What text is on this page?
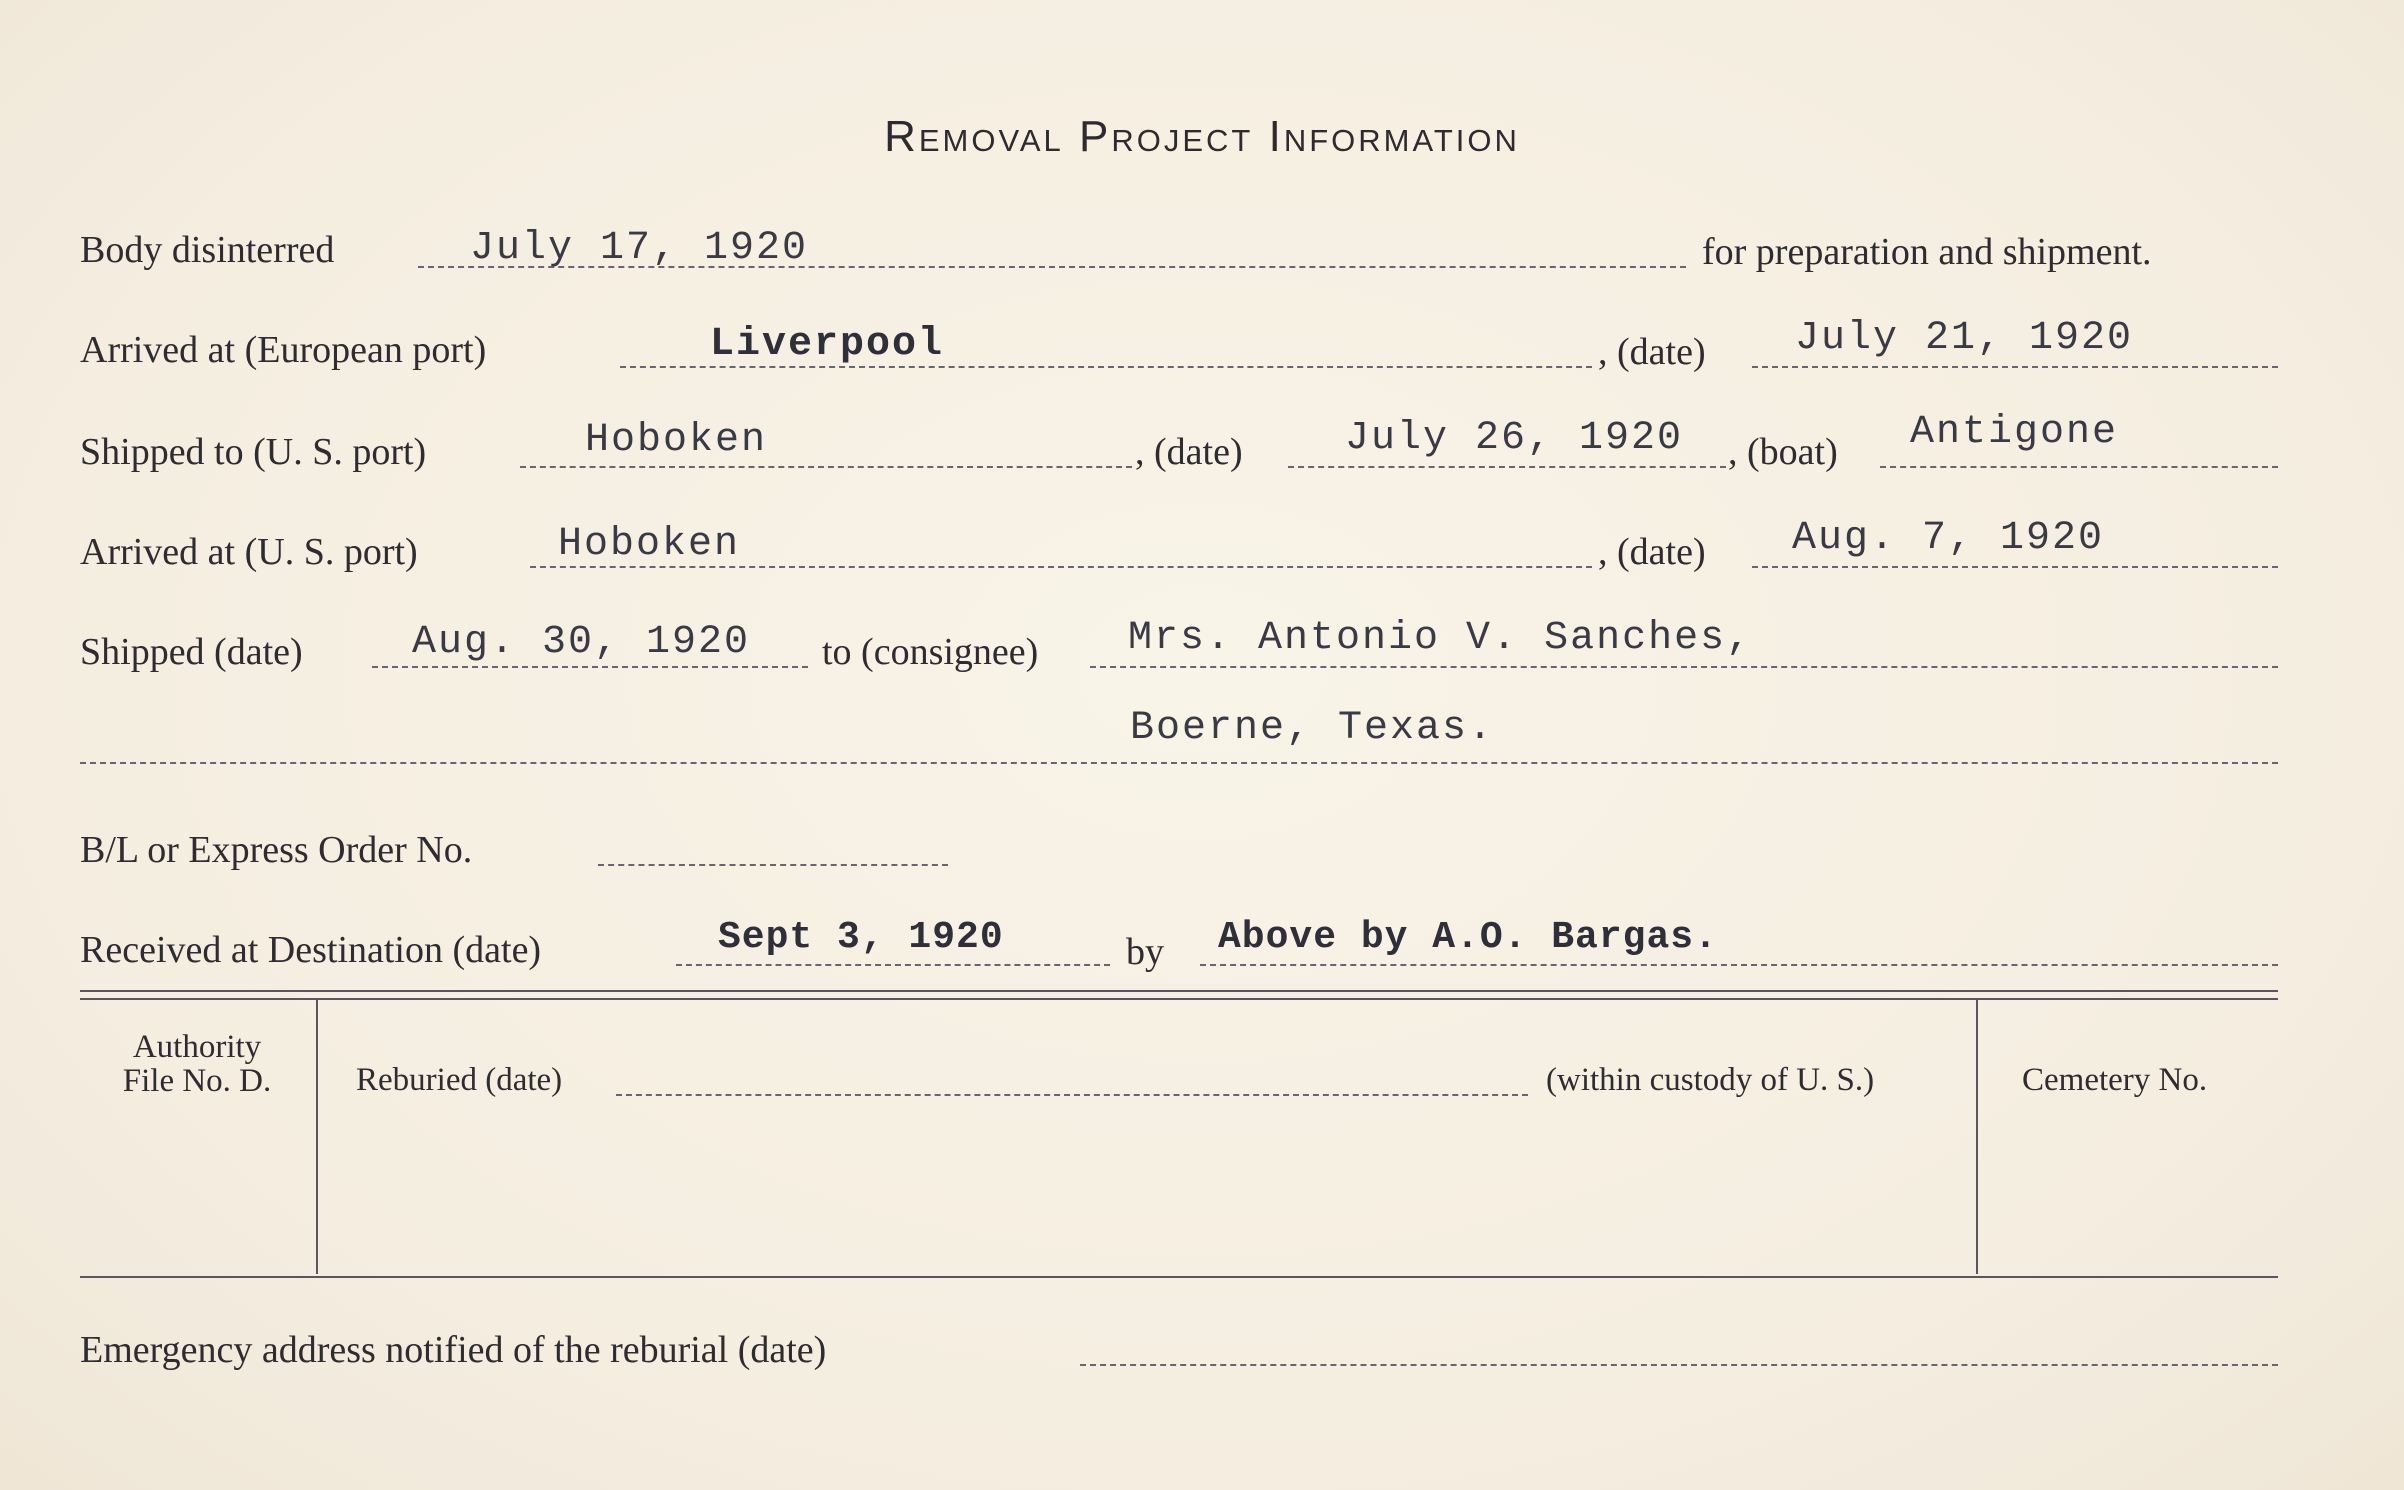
Removal Project Information
Body disinterred	July 17, 1920	for preparation and shipment.
Arrived at (European port)	Liverpool	, (date) July 21, 1920
Shipped to (U. S. port)	Hoboken	, (date)	July 26, 1920 , (boat) Antigone
Arrived at (U. S. port)	Hoboken	, (date) Aug. 7, 1920
Shipped (date)	Aug. 30, 1920 to (consignee) Mrs. Antonio V. Sanches,
Boerne, Texas.
B/L or Express Order No.
Received at Destination (date)	Sept 3, 1920	by Above by A.O. Bargas.
Authority
File No. D.	Reburied (date)	(within custody of U. S.)	Cemetery No.
Emergency address notified of the reburial (date)
